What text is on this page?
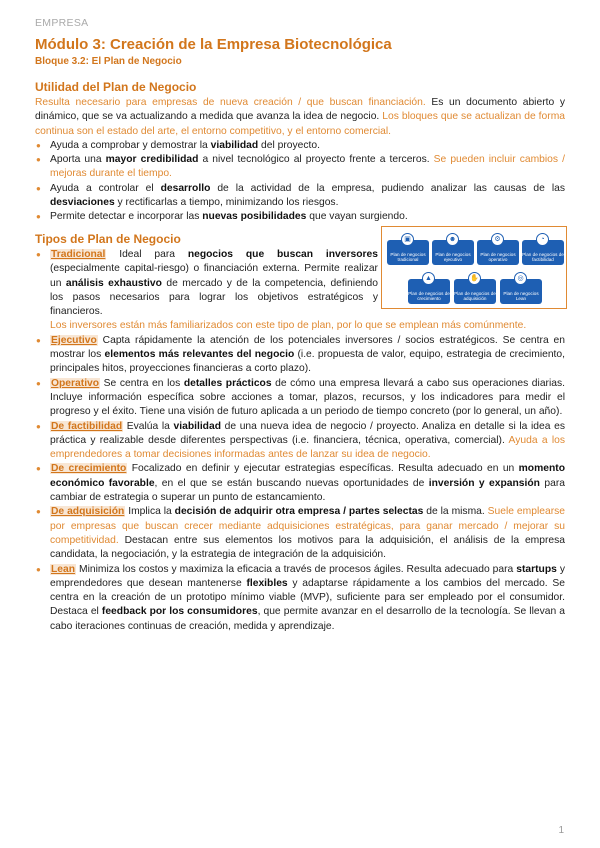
EMPRESA
Módulo 3: Creación de la Empresa Biotecnológica
Bloque 3.2: El Plan de Negocio
Utilidad del Plan de Negocio

Resulta necesario para empresas de nueva creación / que buscan financiación. Es un documento abierto y dinámico, que se va actualizando a medida que avanza la idea de negocio. Los bloques que se actualizan de forma continua son el estado del arte, el entorno competitivo, y el entorno comercial.

● Ayuda a comprobar y demostrar la viabilidad del proyecto.
● Aporta una mayor credibilidad a nivel tecnológico al proyecto frente a terceros. Se pueden incluir cambios / mejoras durante el tiempo.
● Ayuda a controlar el desarrollo de la actividad de la empresa, pudiendo analizar las causas de las desviaciones y rectificarlas a tiempo, minimizando los riesgos.
● Permite detectar e incorporar las nuevas posibilidades que vayan surgiendo.
Tipos de Plan de Negocio
● Tradicional Ideal para negocios que buscan inversores (especialmente capital-riesgo) o financiación externa. Permite realizar un análisis exhaustivo de mercado y de la competencia, definiendo los pasos necesarios para lograr los objetivos estratégicos y financieros. Los inversores están más familiarizados con este tipo de plan, por lo que se emplean más comúnmente.
● Ejecutivo Capta rápidamente la atención de los potenciales inversores / socios estratégicos. Se centra en mostrar los elementos más relevantes del negocio (i.e. propuesta de valor, equipo, estrategia de crecimiento, principales hitos, proyecciones financieras a corto plazo).
● Operativo Se centra en los detalles prácticos de cómo una empresa llevará a cabo sus operaciones diarias. Incluye información específica sobre acciones a tomar, plazos, recursos, y los indicadores para medir el progreso y el éxito. Tiene una visión de futuro aplicada a un periodo de tiempo concreto (por lo general, un año).
● De factibilidad Evalúa la viabilidad de una nueva idea de negocio / proyecto. Analiza en detalle si la idea es práctica y realizable desde diferentes perspectivas (i.e. financiera, técnica, operativa, comercial). Ayuda a los emprendedores a tomar decisiones informadas antes de lanzar su idea de negocio.
● De crecimiento Focalizado en definir y ejecutar estrategias específicas. Resulta adecuado en un momento económico favorable, en el que se están buscando nuevas oportunidades de inversión y expansión para cambiar de estrategia o superar un punto de estancamiento.
● De adquisición Implica la decisión de adquirir otra empresa / partes selectas de la misma. Suele emplearse por empresas que buscan crecer mediante adquisiciones estratégicas, para ganar mercado / mejorar su competitividad. Destacan entre sus elementos los motivos para la adquisición, el análisis de la empresa candidata, la negociación, y la estrategia de integración de la adquisición.
● Lean Minimiza los costos y maximiza la eficacia a través de procesos ágiles. Resulta adecuado para startups y emprendedores que desean mantenerse flexibles y adaptarse rápidamente a los cambios del mercado. Se centra en la creación de un prototipo mínimo viable (MVP), suficiente para ser empleado por el consumidor. Destaca el feedback por los consumidores, que permite avanzar en el desarrollo de la tecnología. Se llevan a cabo iteraciones continuas de creación, medida y aprendizaje.
▣
Plan de negocios tradicional
☻
Plan de negocios ejecutivo
⚙
Plan de negocios operativo
◔
Plan de negocios de factibilidad
▲
Plan de negocios de crecimiento
✋
Plan de negocios de adquisición
◎
Plan de negocios Lean
1
